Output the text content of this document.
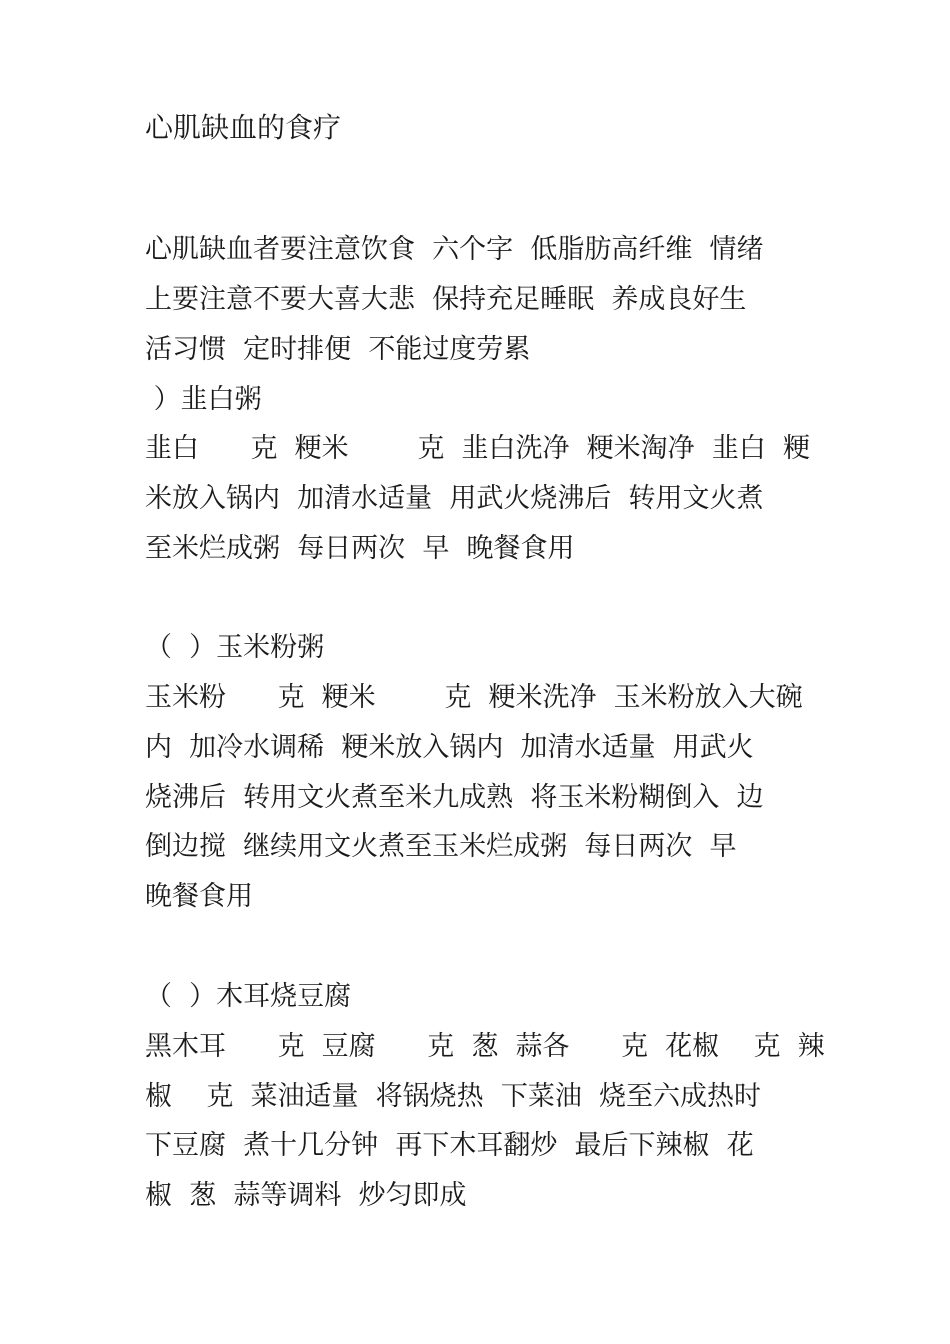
心肌缺血的食疗
心肌缺血者要注意饮食  六个字  低脂肪高纤维  情绪
上要注意不要大喜大悲  保持充足睡眠  养成良好生
活习惯  定时排便  不能过度劳累
）韭白粥
韭白      克  粳米        克  韭白洗净  粳米淘净  韭白  粳
米放入锅内  加清水适量  用武火烧沸后  转用文火煮
至米烂成粥  每日两次  早  晚餐食用
（  ）玉米粉粥
玉米粉      克  粳米        克  粳米洗净  玉米粉放入大碗
内  加冷水调稀  粳米放入锅内  加清水适量  用武火
烧沸后  转用文火煮至米九成熟  将玉米粉糊倒入  边
倒边搅  继续用文火煮至玉米烂成粥  每日两次  早
晚餐食用
（  ）木耳烧豆腐
黑木耳      克  豆腐      克  葱  蒜各      克  花椒    克  辣
椒    克  菜油适量  将锅烧热  下菜油  烧至六成热时
下豆腐  煮十几分钟  再下木耳翻炒  最后下辣椒  花
椒  葱  蒜等调料  炒匀即成
